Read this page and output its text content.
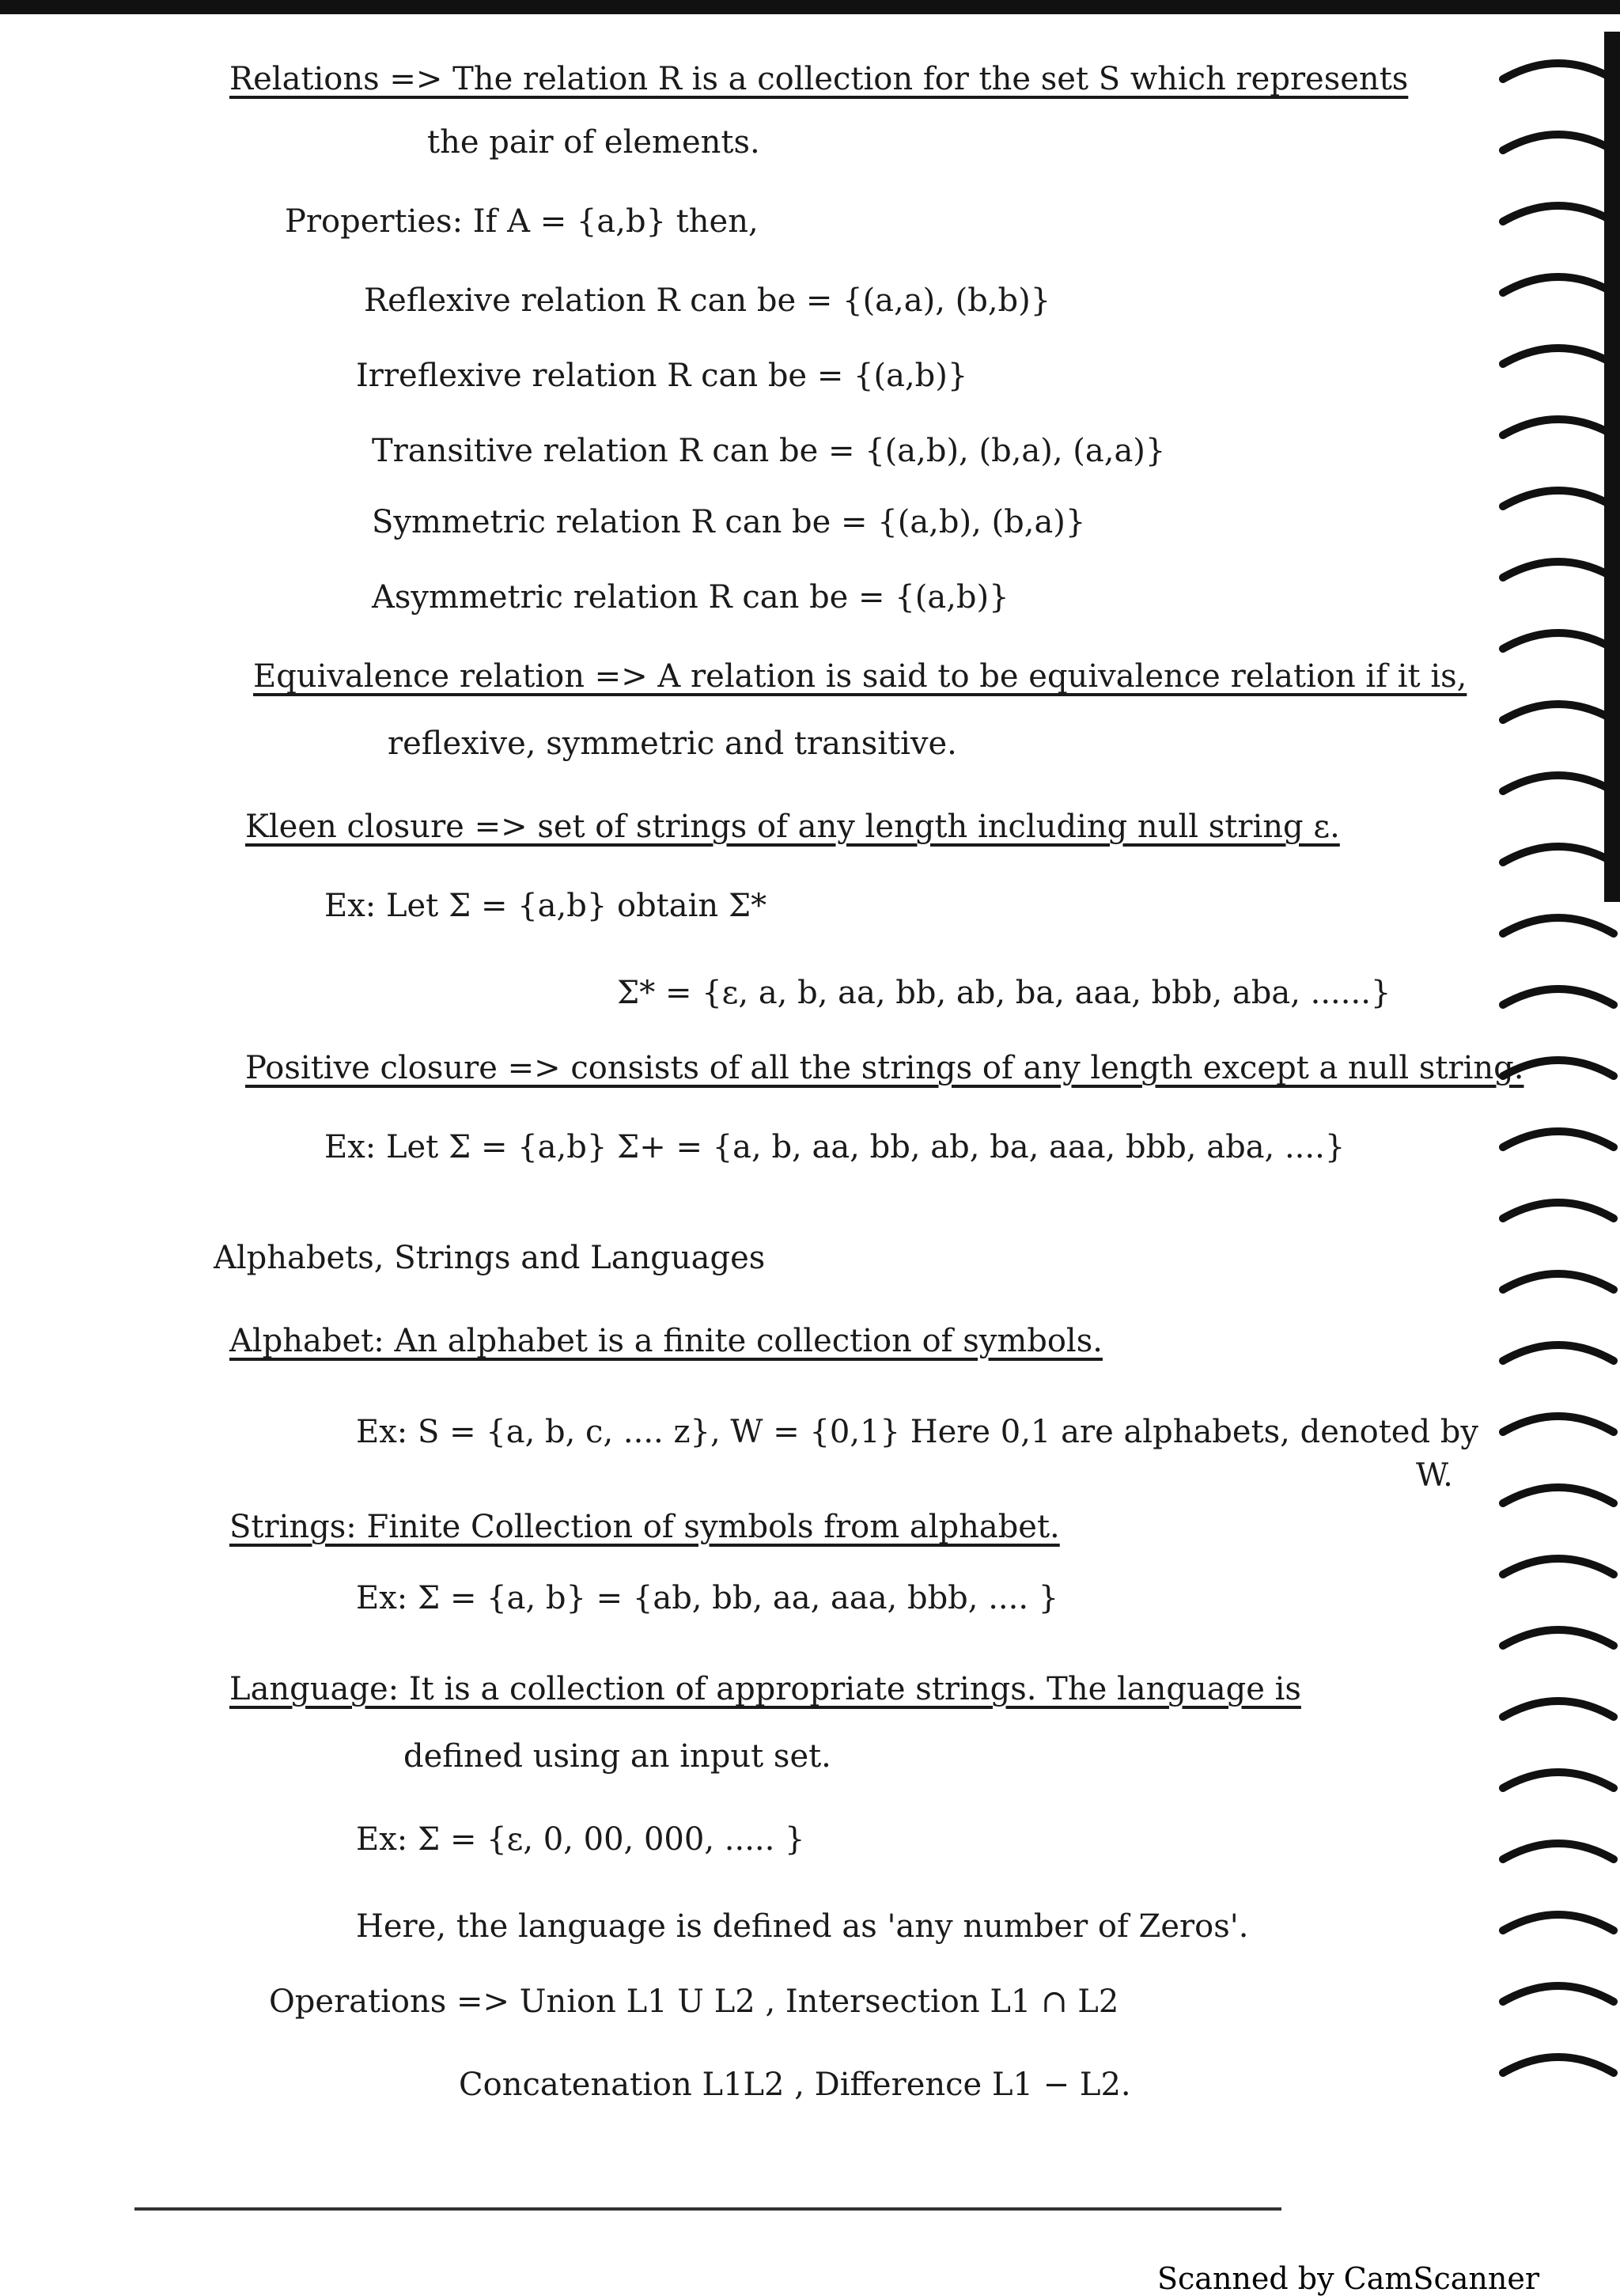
Relations => The relation R is a collection for the set S which represents
the pair of elements.
Properties: If A = {a,b} then,
Reflexive relation R can be = {(a,a), (b,b)}
Irreflexive relation R can be = {(a,b)}
Transitive relation R can be = {(a,b), (b,a), (a,a)}
Symmetric relation R can be = {(a,b), (b,a)}
Asymmetric relation R can be = {(a,b)}
Equivalence relation => A relation is said to be equivalence relation if it is,
reflexive, symmetric and transitive.
Kleen closure => set of strings of any length including null string ε.
Ex: Let Σ = {a,b} obtain Σ*
Σ* = {ε, a, b, aa, bb, ab, ba, aaa, bbb, aba, ......}
Positive closure => consists of all the strings of any length except a null string.
Ex: Let Σ = {a,b} Σ+ = {a, b, aa, bb, ab, ba, aaa, bbb, aba, ....}
Alphabets, Strings and Languages
Alphabet: An alphabet is a finite collection of symbols.
Ex: S = {a, b, c, .... z}, W = {0,1} Here 0,1 are alphabets, denoted by
W.
Strings: Finite Collection of symbols from alphabet.
Ex: Σ = {a, b} = {ab, bb, aa, aaa, bbb, .... }
Language: It is a collection of appropriate strings. The language is
defined using an input set.
Ex: Σ = {ε, 0, 00, 000, ..... }
Here, the language is defined as 'any number of Zeros'.
Operations => Union L1 U L2 , Intersection L1 ∩ L2
Concatenation L1L2 , Difference L1 − L2.
Scanned by CamScanner
